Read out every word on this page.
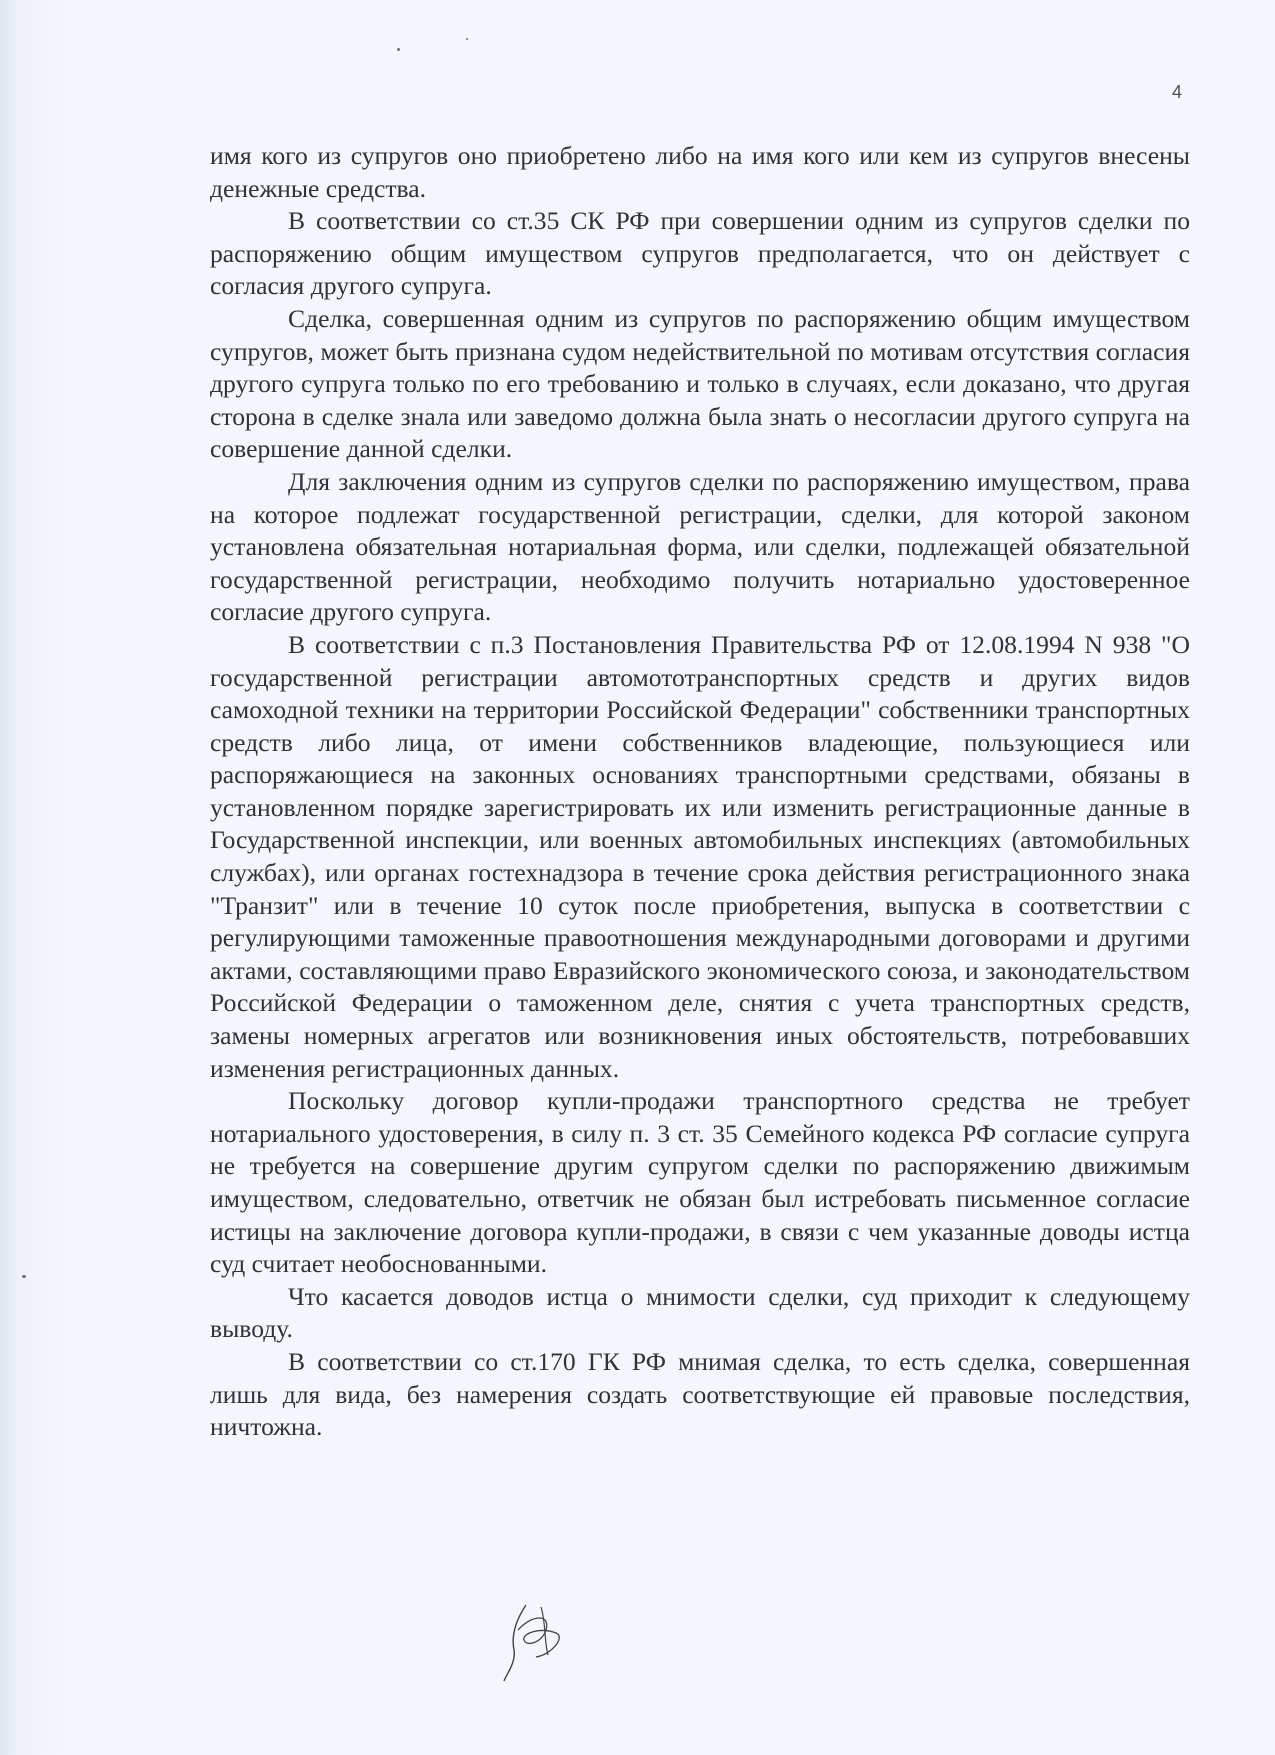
4

имя кого из супругов оно приобретено либо на имя кого или кем из супругов внесены денежные средства.

В соответствии со ст.35 СК РФ при совершении одним из супругов сделки по распоряжению общим имуществом супругов предполагается, что он действует с согласия другого супруга.

Сделка, совершенная одним из супругов по распоряжению общим имуществом супругов, может быть признана судом недействительной по мотивам отсутствия согласия другого супруга только по его требованию и только в случаях, если доказано, что другая сторона в сделке знала или заведомо должна была знать о несогласии другого супруга на совершение данной сделки.

Для заключения одним из супругов сделки по распоряжению имуществом, права на которое подлежат государственной регистрации, сделки, для которой законом установлена обязательная нотариальная форма, или сделки, подлежащей обязательной государственной регистрации, необходимо получить нотариально удостоверенное согласие другого супруга.

В соответствии с п.3 Постановления Правительства РФ от 12.08.1994 N 938 "О государственной регистрации автомототранспортных средств и других видов самоходной техники на территории Российской Федерации" собственники транспортных средств либо лица, от имени собственников владеющие, пользующиеся или распоряжающиеся на законных основаниях транспортными средствами, обязаны в установленном порядке зарегистрировать их или изменить регистрационные данные в Государственной инспекции, или военных автомобильных инспекциях (автомобильных службах), или органах гостехнадзора в течение срока действия регистрационного знака "Транзит" или в течение 10 суток после приобретения, выпуска в соответствии с регулирующими таможенные правоотношения международными договорами и другими актами, составляющими право Евразийского экономического союза, и законодательством Российской Федерации о таможенном деле, снятия с учета транспортных средств, замены номерных агрегатов или возникновения иных обстоятельств, потребовавших изменения регистрационных данных.

Поскольку договор купли-продажи транспортного средства не требует нотариального удостоверения, в силу п. 3 ст. 35 Семейного кодекса РФ согласие супруга не требуется на совершение другим супругом сделки по распоряжению движимым имуществом, следовательно, ответчик не обязан был истребовать письменное согласие истицы на заключение договора купли-продажи, в связи с чем указанные доводы истца суд считает необоснованными.

Что касается доводов истца о мнимости сделки, суд приходит к следующему выводу.

В соответствии со ст.170 ГК РФ мнимая сделка, то есть сделка, совершенная лишь для вида, без намерения создать соответствующие ей правовые последствия, ничтожна.
